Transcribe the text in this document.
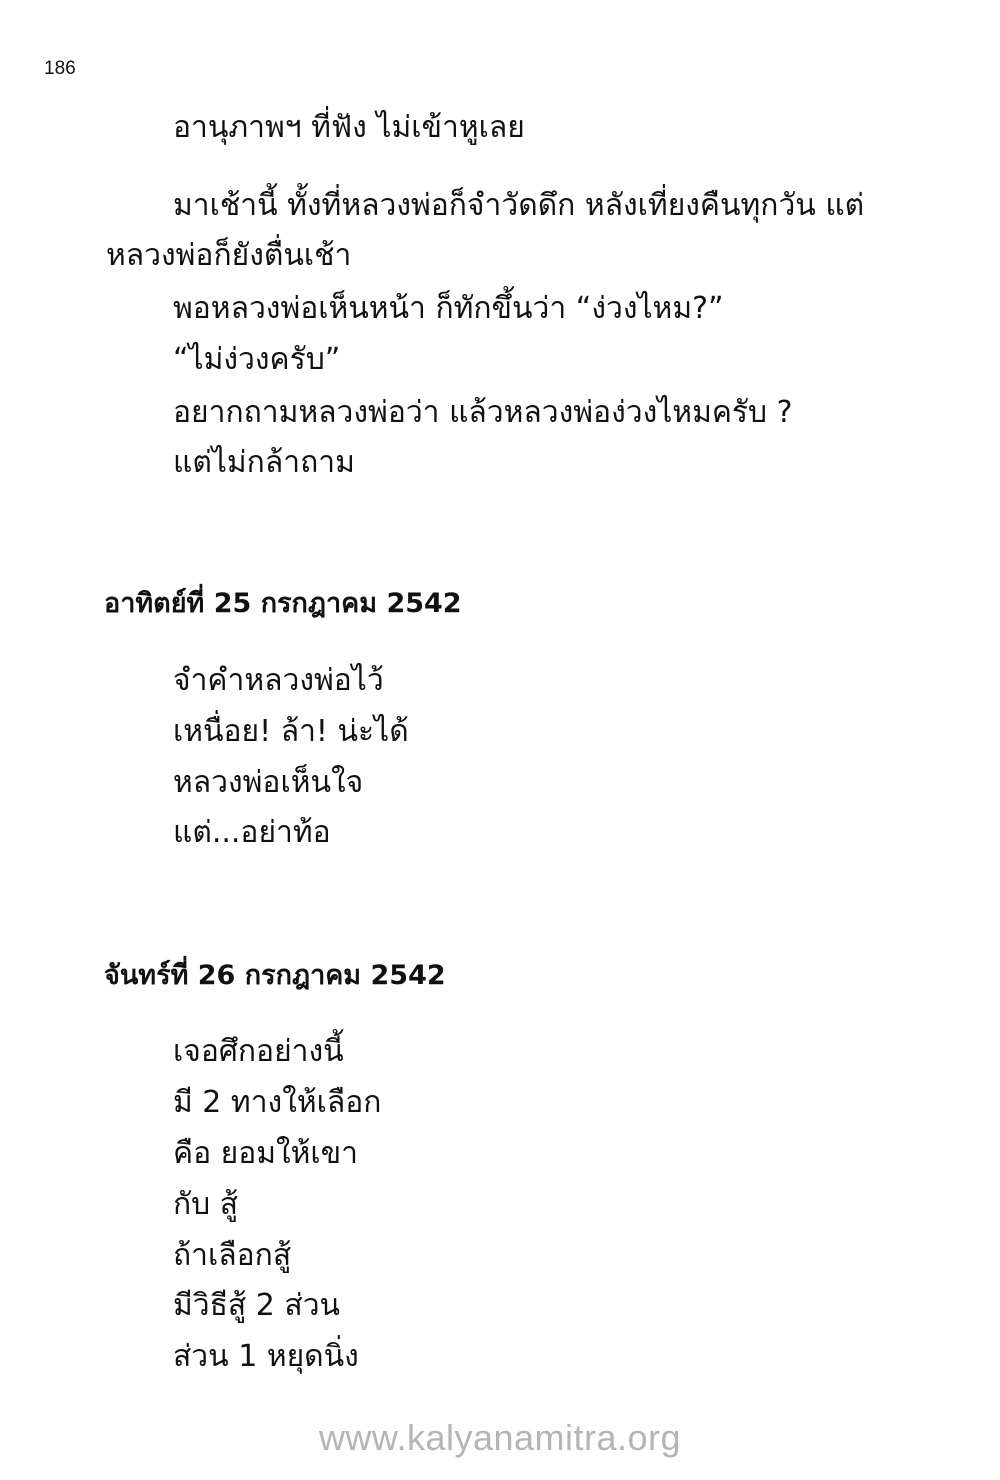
186
อานุภาพฯ ที่ฟัง ไม่เข้าหูเลย
มาเช้านี้ ทั้งที่หลวงพ่อก็จำวัดดึก หลังเที่ยงคืนทุกวัน แต่
หลวงพ่อก็ยังตื่นเช้า
พอหลวงพ่อเห็นหน้า ก็ทักขึ้นว่า “ง่วงไหม?”
“ไม่ง่วงครับ”
อยากถามหลวงพ่อว่า แล้วหลวงพ่อง่วงไหมครับ ?
แต่ไม่กล้าถาม
อาทิตย์ที่ 25 กรกฎาคม 2542
จำคำหลวงพ่อไว้
เหนื่อย! ล้า! น่ะได้
หลวงพ่อเห็นใจ
แต่...อย่าท้อ
จันทร์ที่ 26 กรกฎาคม 2542
เจอศึกอย่างนี้
มี 2 ทางให้เลือก
คือ ยอมให้เขา
กับ สู้
ถ้าเลือกสู้
มีวิธีสู้ 2 ส่วน
ส่วน 1 หยุดนิ่ง
www.kalyanamitra.org
